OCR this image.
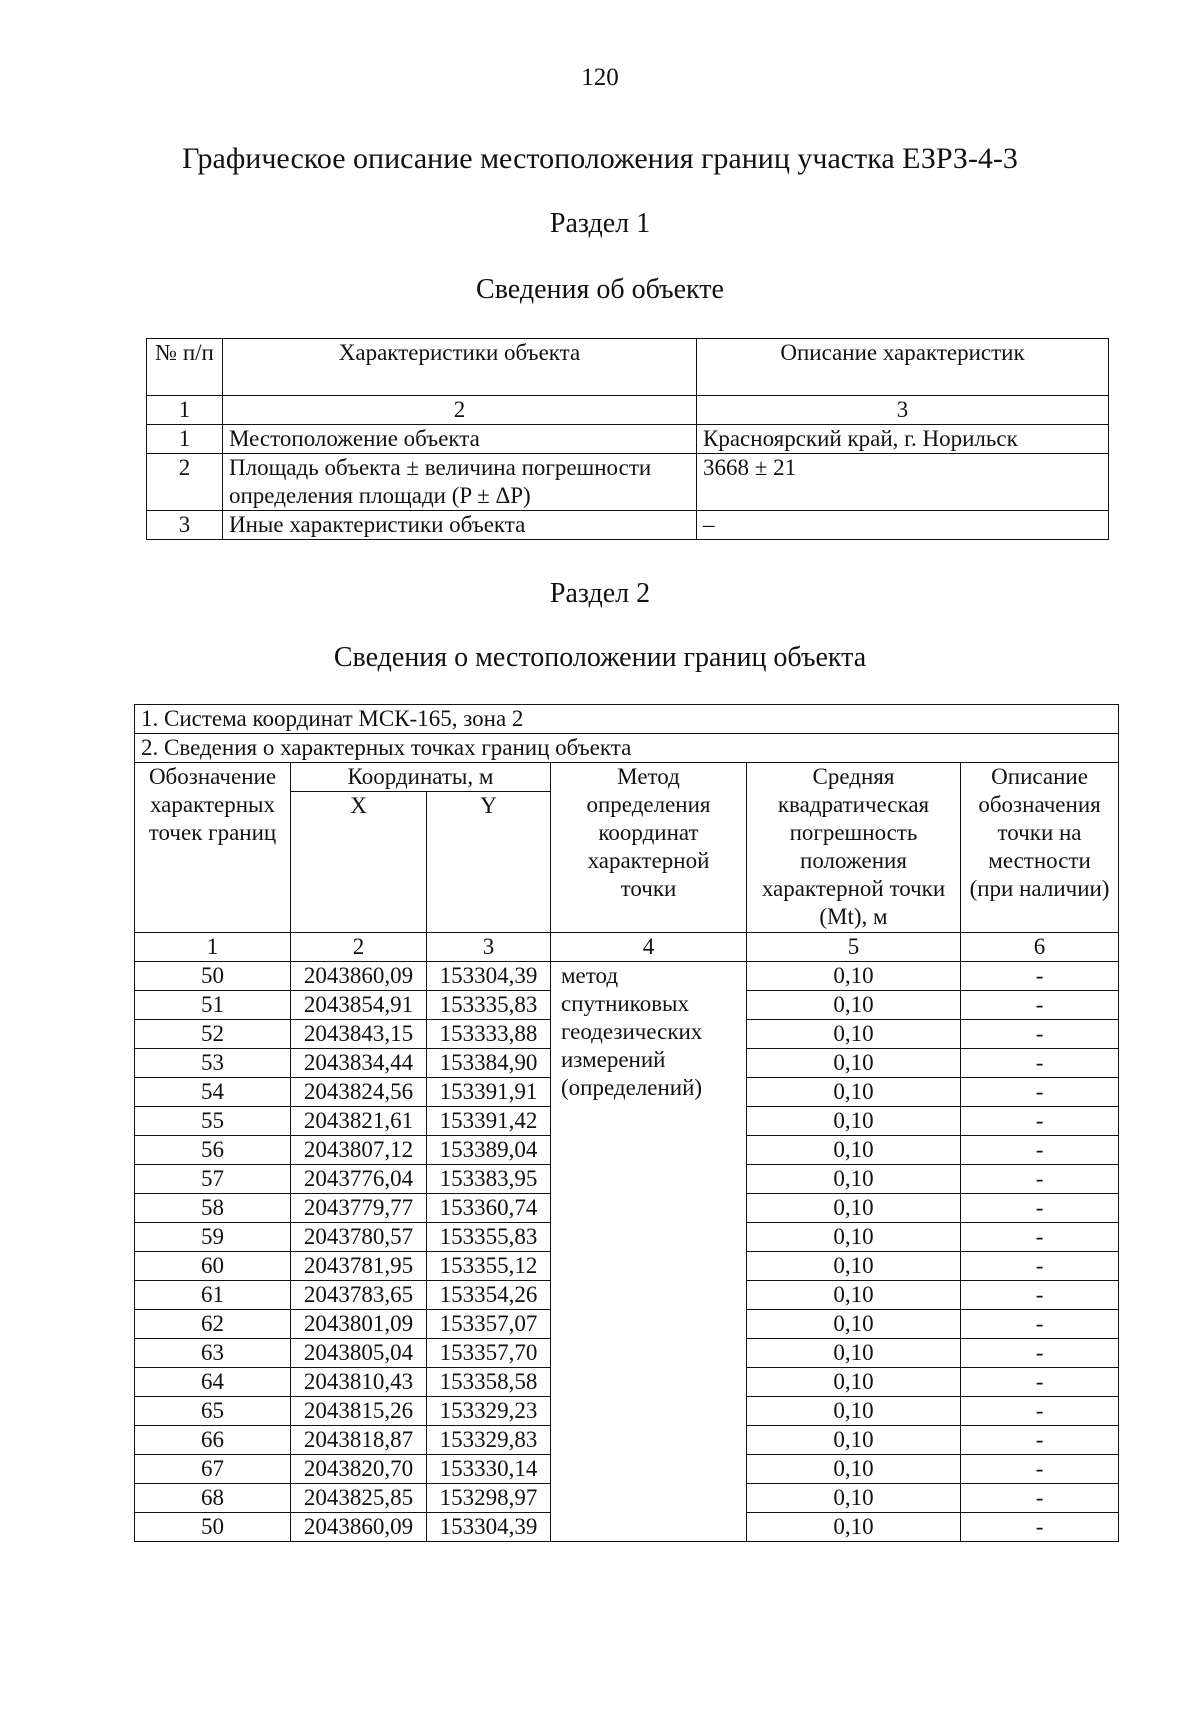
120
Графическое описание местоположения границ участка ЕЗРЗ-4-3
Раздел 1
Сведения об объекте
№ п/п	Характеристики объекта	Описание характеристик
1	2	3
1	Местоположение объекта	Красноярский край, г. Норильск
2	Площадь объекта ± величина погрешности определения площади (P ± ΔP)	3668 ± 21
3	Иные характеристики объекта	–
Раздел 2
Сведения о местоположении границ объекта
1. Система координат МСК-165, зона 2					
2. Сведения о характерных точках границ объекта					
Обозначение характерных точек границ	Координаты, м		Метод определения координат характерной точки	Средняя квадратическая погрешность положения характерной точки (Mt), м	Описание обозначения точки на местности (при наличии)
	X	Y			
1	2	3	4	5	6
50	2043860,09	153304,39	метод спутниковых геодезических измерений (определений)	0,10	-
51	2043854,91	153335,83		0,10	-
52	2043843,15	153333,88		0,10	-
53	2043834,44	153384,90		0,10	-
54	2043824,56	153391,91		0,10	-
55	2043821,61	153391,42		0,10	-
56	2043807,12	153389,04		0,10	-
57	2043776,04	153383,95		0,10	-
58	2043779,77	153360,74		0,10	-
59	2043780,57	153355,83		0,10	-
60	2043781,95	153355,12		0,10	-
61	2043783,65	153354,26		0,10	-
62	2043801,09	153357,07		0,10	-
63	2043805,04	153357,70		0,10	-
64	2043810,43	153358,58		0,10	-
65	2043815,26	153329,23		0,10	-
66	2043818,87	153329,83		0,10	-
67	2043820,70	153330,14		0,10	-
68	2043825,85	153298,97		0,10	-
50	2043860,09	153304,39		0,10	-
